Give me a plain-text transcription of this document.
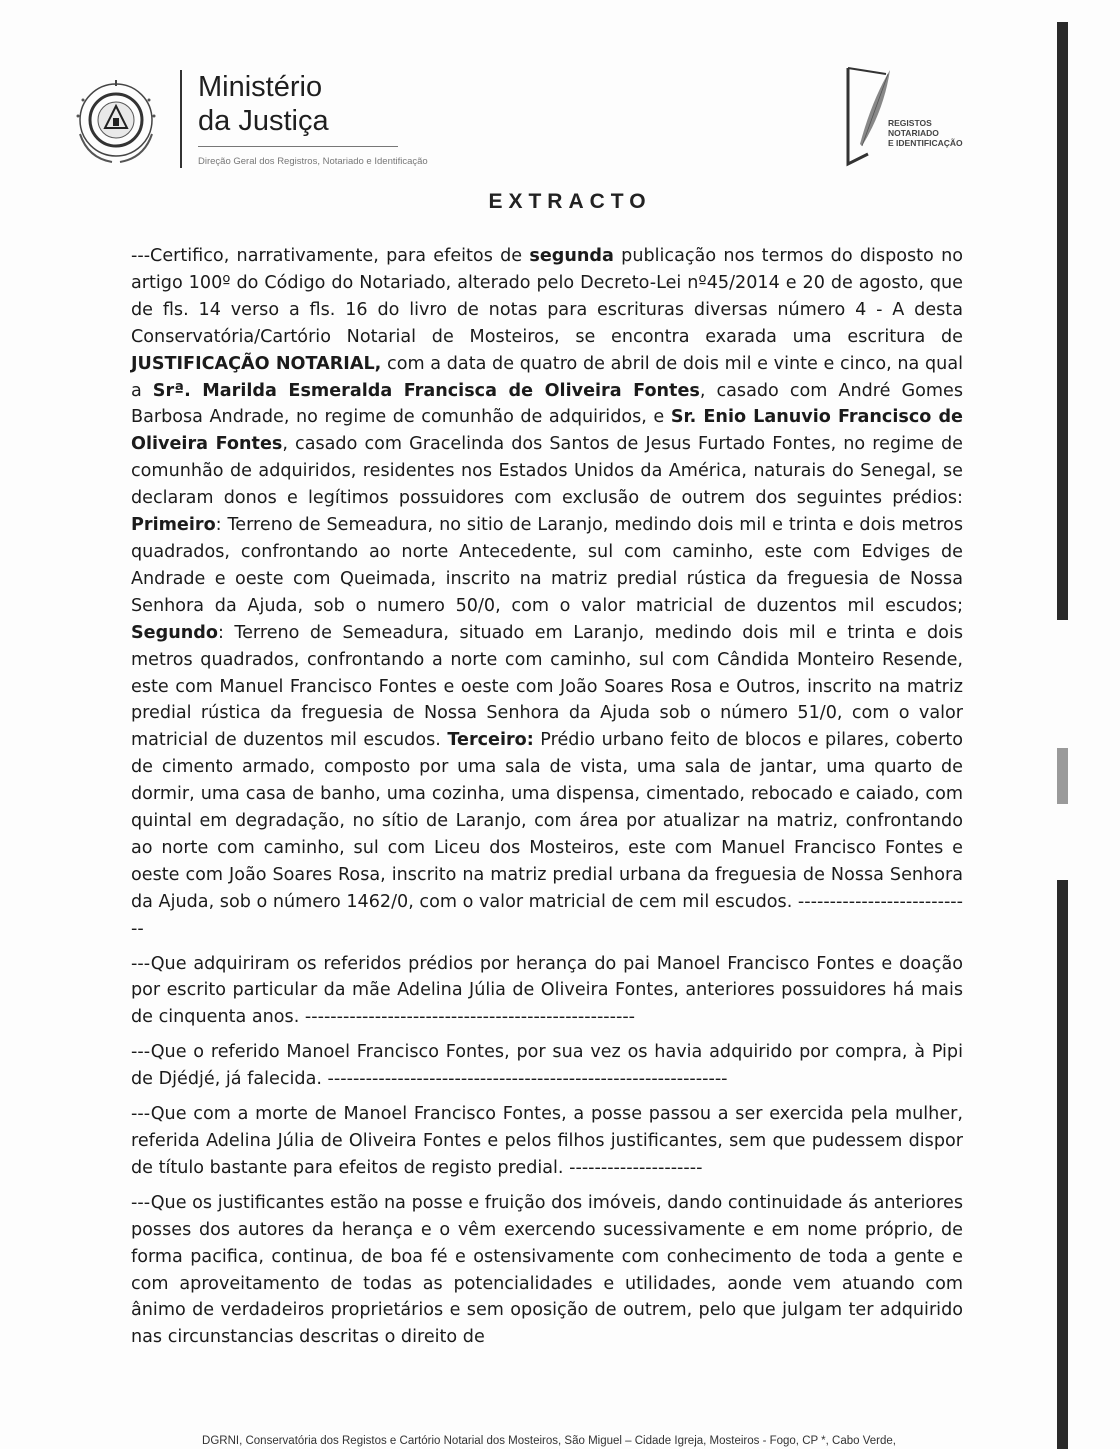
Ministério
da Justiça
Direção Geral dos Registros, Notariado e Identificação
REGISTOS
NOTARIADO
E IDENTIFICAÇÃO
EXTRACTO

---Certifico, narrativamente, para efeitos de segunda publicação nos termos do disposto no artigo 100º do Código do Notariado, alterado pelo Decreto-Lei nº45/2014 e 20 de agosto, que de fls. 14 verso a fls. 16 do livro de notas para escrituras diversas número 4 - A desta Conservatória/Cartório Notarial de Mosteiros, se encontra exarada uma escritura de JUSTIFICAÇÃO NOTARIAL, com a data de quatro de abril de dois mil e vinte e cinco, na qual a Srª. Marilda Esmeralda Francisca de Oliveira Fontes, casado com André Gomes Barbosa Andrade, no regime de comunhão de adquiridos, e Sr. Enio Lanuvio Francisco de Oliveira Fontes, casado com Gracelinda dos Santos de Jesus Furtado Fontes, no regime de comunhão de adquiridos, residentes nos Estados Unidos da América, naturais do Senegal, se declaram donos e legítimos possuidores com exclusão de outrem dos seguintes prédios: Primeiro: Terreno de Semeadura, no sitio de Laranjo, medindo dois mil e trinta e dois metros quadrados, confrontando ao norte Antecedente, sul com caminho, este com Edviges de Andrade e oeste com Queimada, inscrito na matriz predial rústica da freguesia de Nossa Senhora da Ajuda, sob o numero 50/0, com o valor matricial de duzentos mil escudos; Segundo: Terreno de Semeadura, situado em Laranjo, medindo dois mil e trinta e dois metros quadrados, confrontando a norte com caminho, sul com Cândida Monteiro Resende, este com Manuel Francisco Fontes e oeste com João Soares Rosa e Outros, inscrito na matriz predial rústica da freguesia de Nossa Senhora da Ajuda sob o número 51/0, com o valor matricial de duzentos mil escudos. Terceiro: Prédio urbano feito de blocos e pilares, coberto de cimento armado, composto por uma sala de vista, uma sala de jantar, uma quarto de dormir, uma casa de banho, uma cozinha, uma dispensa, cimentado, rebocado e caiado, com quintal em degradação, no sítio de Laranjo, com área por atualizar na matriz, confrontando ao norte com caminho, sul com Liceu dos Mosteiros, este com Manuel Francisco Fontes e oeste com João Soares Rosa, inscrito na matriz predial urbana da freguesia de Nossa Senhora da Ajuda, sob o número 1462/0, com o valor matricial de cem mil escudos. ----------------------------

---Que adquiriram os referidos prédios por herança do pai Manoel Francisco Fontes e doação por escrito particular da mãe Adelina Júlia de Oliveira Fontes, anteriores possuidores há mais de cinquenta anos. ----------------------------------------------------

---Que o referido Manoel Francisco Fontes, por sua vez os havia adquirido por compra, à Pipi de Djédjé, já falecida. ---------------------------------------------------------------

---Que com a morte de Manoel Francisco Fontes, a posse passou a ser exercida pela mulher, referida Adelina Júlia de Oliveira Fontes e pelos filhos justificantes, sem que pudessem dispor de título bastante para efeitos de registo predial. ---------------------

---Que os justificantes estão na posse e fruição dos imóveis, dando continuidade ás anteriores posses dos autores da herança e o vêm exercendo sucessivamente e em nome próprio, de forma pacifica, continua, de boa fé e ostensivamente com conhecimento de toda a gente e com aproveitamento de todas as potencialidades e utilidades, aonde vem atuando com ânimo de verdadeiros proprietários e sem oposição de outrem, pelo que julgam ter adquirido nas circunstancias descritas o direito de

DGRNI, Conservatória dos Registos e Cartório Notarial dos Mosteiros, São Miguel – Cidade Igreja, Mosteiros - Fogo, CP *, Cabo Verde,
